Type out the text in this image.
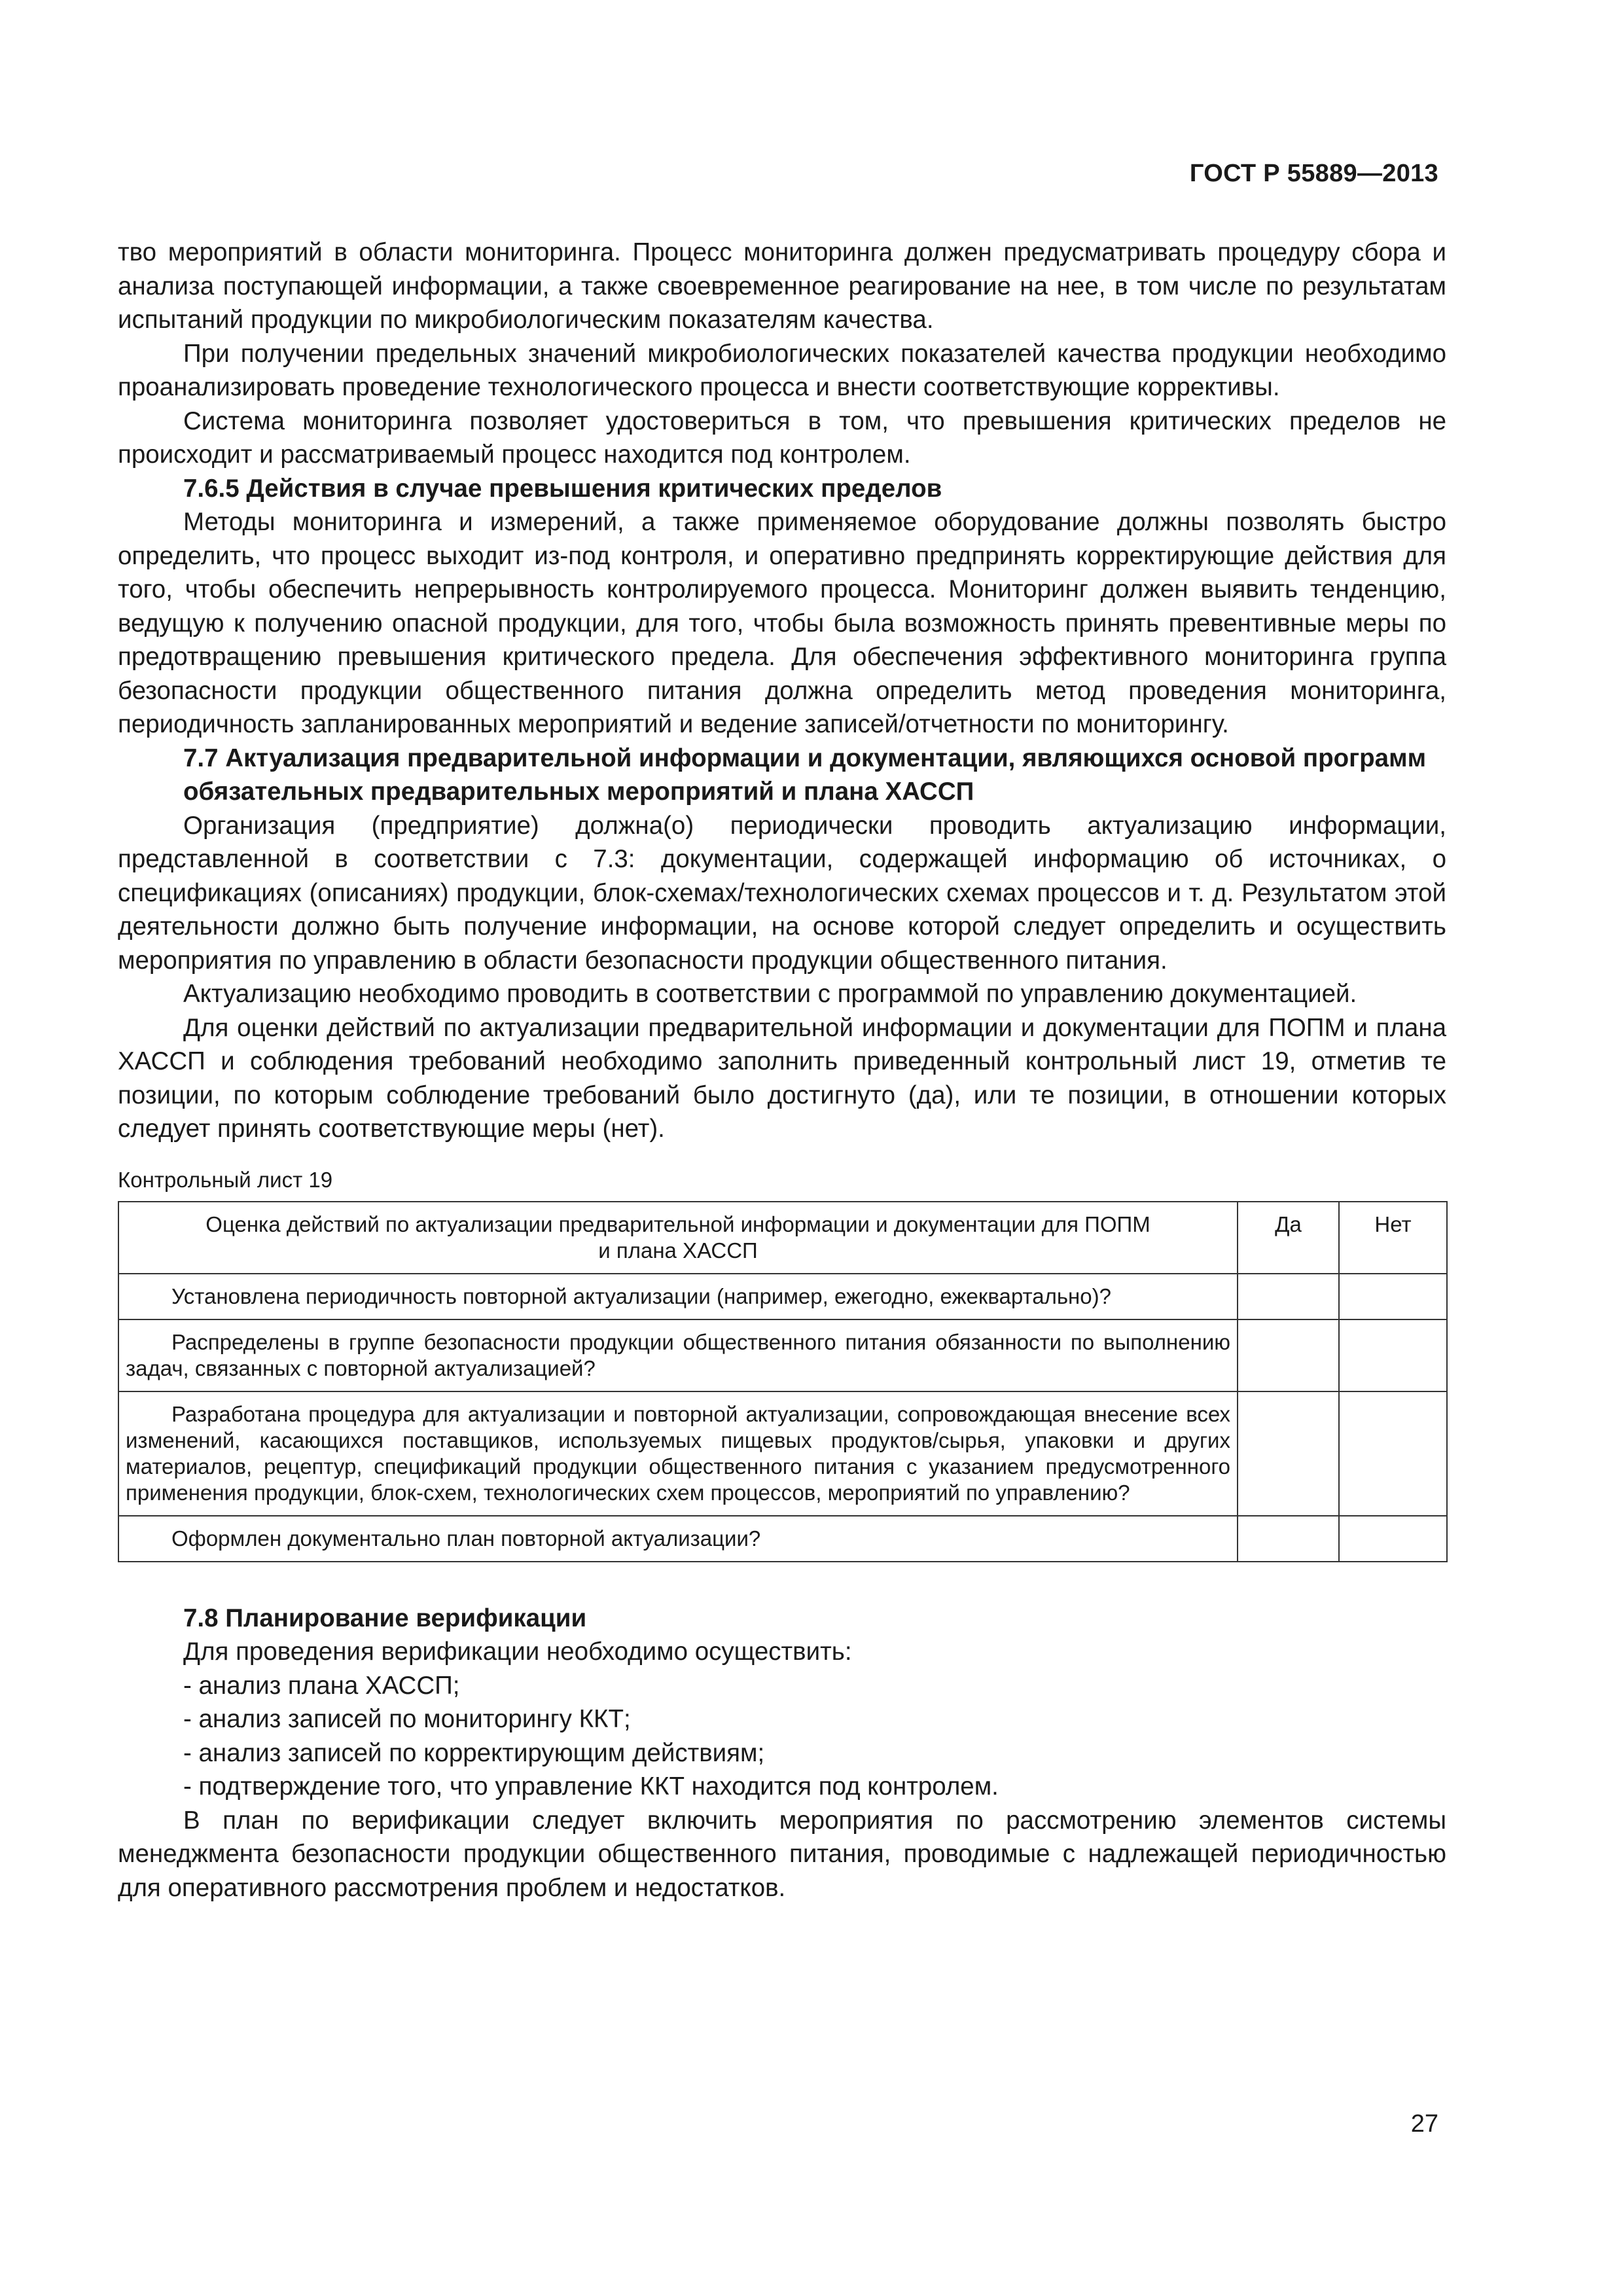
ГОСТ Р 55889—2013

тво мероприятий в области мониторинга. Процесс мониторинга должен предусматривать процедуру сбора и анализа поступающей информации, а также своевременное реагирование на нее, в том числе по результатам испытаний продукции по микробиологическим показателям качества.

При получении предельных значений микробиологических показателей качества продукции необходимо проанализировать проведение технологического процесса и внести соответствующие коррективы.

Система мониторинга позволяет удостовериться в том, что превышения критических пределов не происходит и рассматриваемый процесс находится под контролем.

7.6.5 Действия в случае превышения критических пределов

Методы мониторинга и измерений, а также применяемое оборудование должны позволять быстро определить, что процесс выходит из-под контроля, и оперативно предпринять корректирующие действия для того, чтобы обеспечить непрерывность контролируемого процесса. Мониторинг должен выявить тенденцию, ведущую к получению опасной продукции, для того, чтобы была возможность принять превентивные меры по предотвращению превышения критического предела. Для обеспечения эффективного мониторинга группа безопасности продукции общественного питания должна определить метод проведения мониторинга, периодичность запланированных мероприятий и ведение записей/отчетности по мониторингу.

7.7 Актуализация предварительной информации и документации, являющихся основой программ обязательных предварительных мероприятий и плана ХАССП

Организация (предприятие) должна(о) периодически проводить актуализацию информации, представленной в соответствии с 7.3: документации, содержащей информацию об источниках, о спецификациях (описаниях) продукции, блок-схемах/технологических схемах процессов и т. д. Результатом этой деятельности должно быть получение информации, на основе которой следует определить и осуществить мероприятия по управлению в области безопасности продукции общественного питания.

Актуализацию необходимо проводить в соответствии с программой по управлению документацией.

Для оценки действий по актуализации предварительной информации и документации для ПОПМ и плана ХАССП и соблюдения требований необходимо заполнить приведенный контрольный лист 19, отметив те позиции, по которым соблюдение требований было достигнуто (да), или те позиции, в отношении которых следует принять соответствующие меры (нет).

Контрольный лист 19
Оценка действий по актуализации предварительной информации и документации для ПОПМ и плана ХАССП	Да	Нет
Установлена периодичность повторной актуализации (например, ежегодно, ежеквартально)?		
Распределены в группе безопасности продукции общественного питания обязанности по выполнению задач, связанных с повторной актуализацией?		
Разработана процедура для актуализации и повторной актуализации, сопровождающая внесение всех изменений, касающихся поставщиков, используемых пищевых продуктов/сырья, упаковки и других материалов, рецептур, спецификаций продукции общественного питания с указанием предусмотренного применения продукции, блок-схем, технологических схем процессов, мероприятий по управлению?		
Оформлен документально план повторной актуализации?		
7.8 Планирование верификации

Для проведения верификации необходимо осуществить:

- анализ плана ХАССП;

- анализ записей по мониторингу ККТ;

- анализ записей по корректирующим действиям;

- подтверждение того, что управление ККТ находится под контролем.

В план по верификации следует включить мероприятия по рассмотрению элементов системы менеджмента безопасности продукции общественного питания, проводимые с надлежащей периодичностью для оперативного рассмотрения проблем и недостатков.

27
